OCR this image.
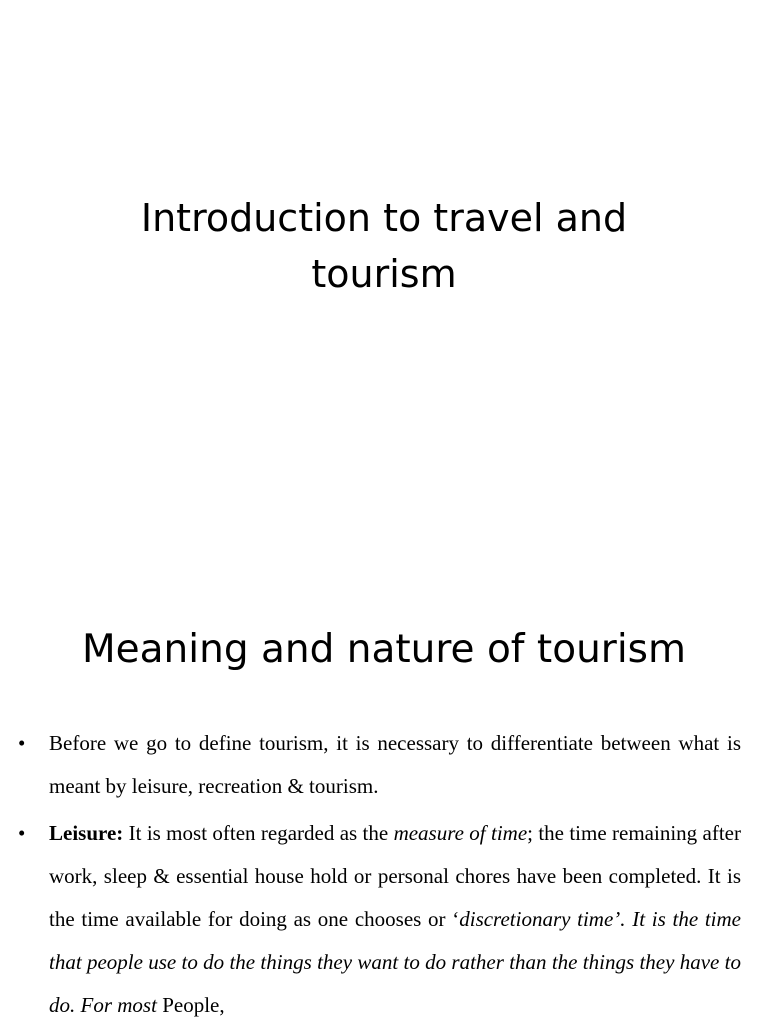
Introduction to travel and tourism
Meaning and nature of tourism
• Before we go to define tourism, it is necessary to differentiate between what is meant by leisure, recreation & tourism.
• Leisure: It is most often regarded as the measure of time; the time remaining after work, sleep & essential house hold or personal chores have been completed. It is the time available for doing as one chooses or ‘discretionary time’. It is the time that people use to do the things they want to do rather than the things they have to do. For most People,
